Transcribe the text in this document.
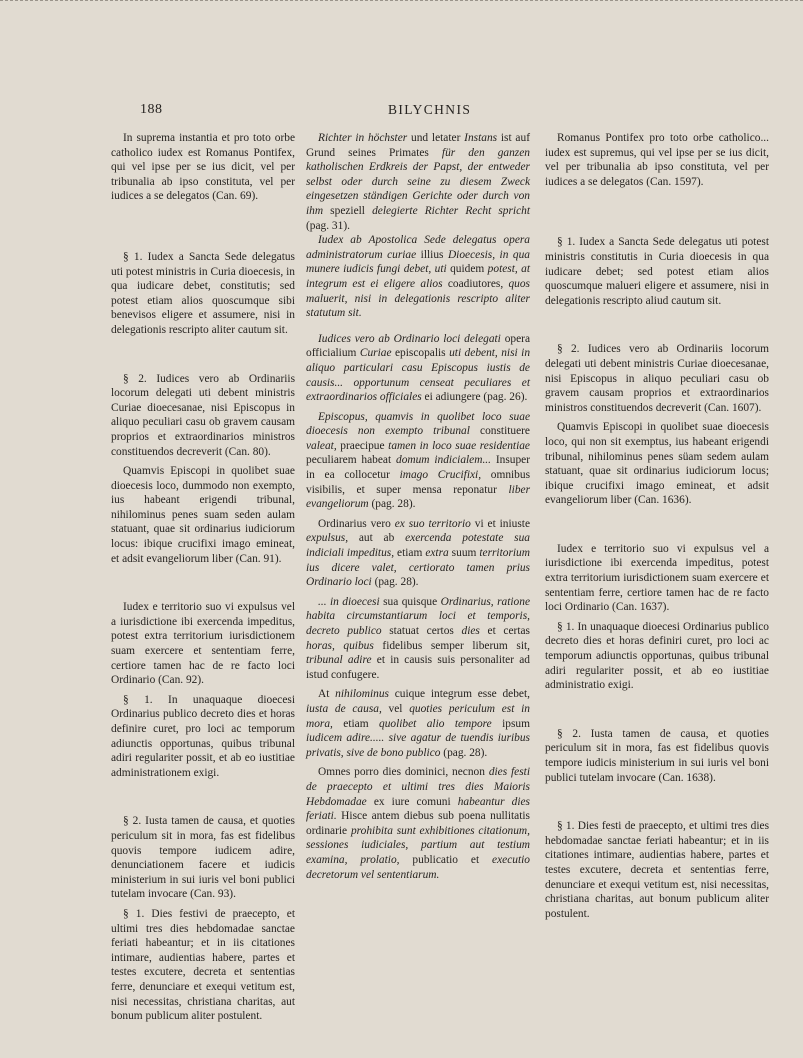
188	BILYCHNIS

In suprema instantia et pro toto orbe catholico iudex est Romanus Pontifex, qui vel ipse per se ius dicit, vel per tribunalia ab ipso constituta, vel per iudices a se delegatos (Can. 69).

§ 1. Iudex a Sancta Sede delegatus uti potest ministris in Curia dioecesis, in qua iudicare debet, constitutis; sed potest etiam alios quoscumque sibi benevisos eligere et assumere, nisi in delegationis rescripto aliter cautum sit.

§ 2. Iudices vero ab Ordinariis locorum delegati uti debent ministris Curiae dioecesanae, nisi Episcopus in aliquo peculiari casu ob gravem causam proprios et extraordinarios ministros constituendos decreverit (Can. 80).

Quamvis Episcopi in quolibet suae dioecesis loco, dummodo non exempto, ius habeant erigendi tribunal, nihilominus penes suam seden aulam statuant, quae sit ordinarius iudiciorum locus: ibique crucifixi imago emineat, et adsit evangeliorum liber (Can. 91).

Iudex e territorio suo vi expulsus vel a iurisdictione ibi exercenda impeditus, potest extra territorium iurisdictionem suam exercere et sententiam ferre, certiore tamen hac de re facto loci Ordinario (Can. 92).

§ 1. In unaquaque dioecesi Ordinarius publico decreto dies et horas definire curet, pro loci ac temporum adiunctis opportunas, quibus tribunal adiri regulariter possit, et ab eo iustitiae administrationem exigi.

§ 2. Iusta tamen de causa, et quoties periculum sit in mora, fas est fidelibus quovis tempore iudicem adire, denunciationem facere et iudicis ministerium in sui iuris vel boni publici tutelam invocare (Can. 93).

§ 1. Dies festivi de praecepto, et ultimi tres dies hebdomadae sanctae feriati habeantur; et in iis citationes intimare, audientias habere, partes et testes excutere, decreta et sententias ferre, denunciare et exequi vetitum est, nisi necessitas, christiana charitas, aut bonum publicum aliter postulent.

Richter in höchster und letater Instans ist auf Grund seines Primates für den ganzen katholischen Erdkreis der Papst, der entweder selbst oder durch seine zu diesem Zweck eingesetzen ständigen Gerichte oder durch von ihm speziell delegierte Richter Recht spricht (pag. 31).

Iudex ab Apostolica Sede delegatus opera administratorum curiae illius Dioecesis, in qua munere iudicis fungi debet, uti quidem potest, at integrum est ei eligere alios coadiutores, quos maluerit, nisi in delegationis rescripto aliter statutum sit.

Iudices vero ab Ordinario loci delegati opera officialium Curiae episcopalis uti debent, nisi in aliquo particulari casu Episcopus iustis de causis... opportunum censeat peculiares et extraordinarios officiales ei adiungere (pag. 26).

Episcopus, quamvis in quolibet loco suae dioecesis non exempto tribunal constituere valeat, praecipue tamen in loco suae residentiae peculiarem habeat domum indicialem... Insuper in ea collocetur imago Crucifixi, omnibus visibilis, et super mensa reponatur liber evangeliorum (pag. 28).

Ordinarius vero ex suo territorio vi et iniuste expulsus, aut ab exercenda potestate sua indiciali impeditus, etiam extra suum territorium ius dicere valet, certiorato tamen prius Ordinario loci (pag. 28).

... in dioecesi sua quisque Ordinarius, ratione habita circumstantiarum loci et temporis, decreto publico statuat certos dies et certas horas, quibus fidelibus semper liberum sit, tribunal adire et in causis suis personaliter ad istud confugere.

At nihilominus cuique integrum esse debet, iusta de causa, vel quoties periculum est in mora, etiam quolibet alio tempore ipsum iudicem adire..... sive agatur de tuendis iuribus privatis, sive de bono publico (pag. 28).

Omnes porro dies dominici, necnon dies festi de praecepto et ultimi tres dies Maioris Hebdomadae ex iure comuni habeantur dies feriati. Hisce antem diebus sub poena nullitatis ordinarie prohibita sunt exhibitiones citationum, sessiones iudiciales, partium aut testium examina, prolatio, publicatio et executio decretorum vel sententiarum.

Romanus Pontifex pro toto orbe catholico... iudex est supremus, qui vel ipse per se ius dicit, vel per tribunalia ab ipso constituta, vel per iudices a se delegatos (Can. 1597).

§ 1. Iudex a Sancta Sede delegatus uti potest ministris constitutis in Curia dioecesis in qua iudicare debet; sed potest etiam alios quoscumque malueri eligere et assumere, nisi in delegationis rescripto aliud cautum sit.

§ 2. Iudices vero ab Ordinariis locorum delegati uti debent ministris Curiae dioecesanae, nisi Episcopus in aliquo peculiari casu ob gravem causam proprios et extraordinarios ministros constituendos decreverit (Can. 1607).

Quamvis Episcopi in quolibet suae dioecesis loco, qui non sit exemptus, ius habeant erigendi tribunal, nihilominus penes süam sedem aulam statuant, quae sit ordinarius iudiciorum locus; ibique crucifixi imago emineat, et adsit evangeliorum liber (Can. 1636).

Iudex e territorio suo vi expulsus vel a iurisdictione ibi exercenda impeditus, potest extra territorium iurisdictionem suam exercere et sententiam ferre, certiore tamen hac de re facto loci Ordinario (Can. 1637).

§ 1. In unaquaque dioecesi Ordinarius publico decreto dies et horas definiri curet, pro loci ac temporum adiunctis opportunas, quibus tribunal adiri regulariter possit, et ab eo iustitiae administratio exigi.

§ 2. Iusta tamen de causa, et quoties periculum sit in mora, fas est fidelibus quovis tempore iudicis ministerium in sui iuris vel boni publici tutelam invocare (Can. 1638).

§ 1. Dies festi de praecepto, et ultimi tres dies hebdomadae sanctae feriati habeantur; et in iis citationes intimare, audientias habere, partes et testes excutere, decreta et sententias ferre, denunciare et exequi vetitum est, nisi necessitas, christiana charitas, aut bonum publicum aliter postulent.
